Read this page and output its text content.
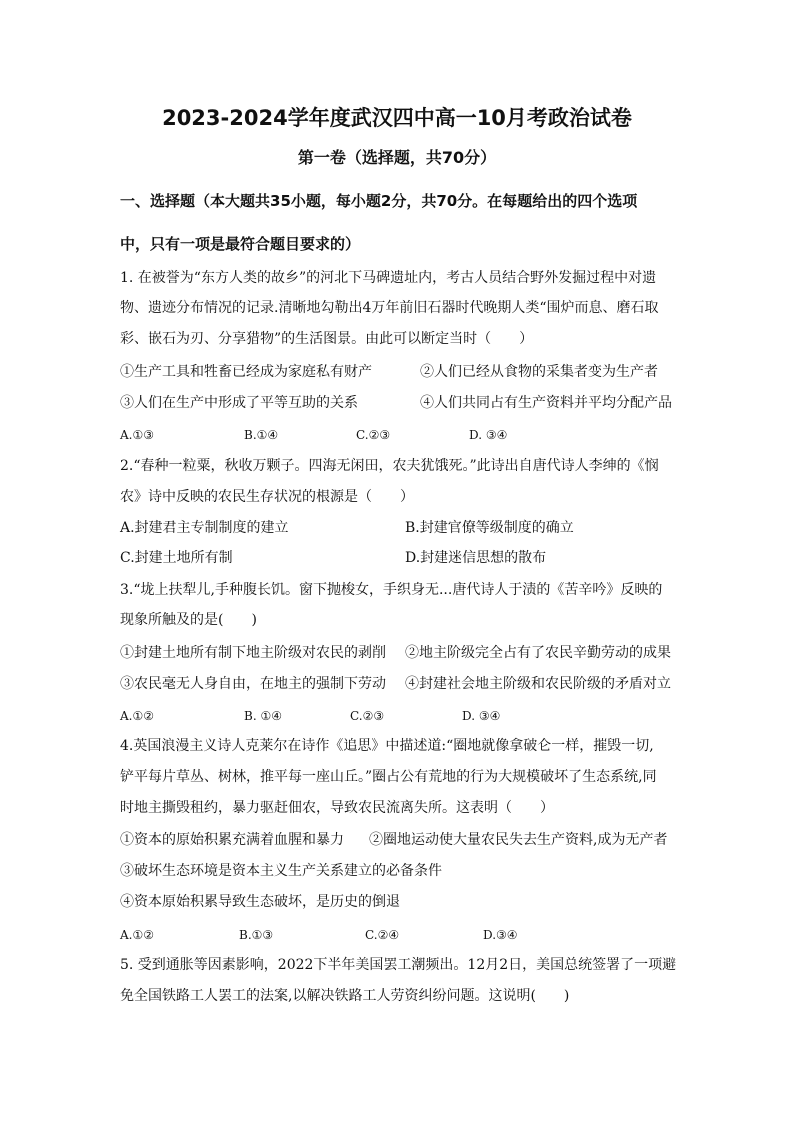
2023-2024学年度武汉四中高一10月考政治试卷
第一卷（选择题，共70分）
一、选择题（本大题共35小题，每小题2分，共70分。在每题给出的四个选项
中，只有一项是最符合题目要求的）
1. 在被誉为“东方人类的故乡”的河北下马碑遗址内，考古人员结合野外发掘过程中对遗
物、遗迹分布情况的记录.清晰地勾勒出4万年前旧石器时代晚期人类“围炉而息、磨石取
彩、嵌石为刃、分享猎物”的生活图景。由此可以断定当时（　　）
①生产工具和牲畜已经成为家庭私有财产	②人们已经从食物的采集者变为生产者
③人们在生产中形成了平等互助的关系	④人们共同占有生产资料并平均分配产品
A.①③	B.①④	C.②③	D. ③④
2.“春种一粒粟，秋收万颗子。四海无闲田，农夫犹饿死。”此诗出自唐代诗人李绅的《悯
农》诗中反映的农民生存状况的根源是（　　）
A.封建君主专制制度的建立	B.封建官僚等级制度的确立
C.封建土地所有制	D.封建迷信思想的散布
3.“垅上扶犁儿,手种腹长饥。窗下抛梭女，手织身无...唐代诗人于渍的《苦辛吟》反映的
现象所触及的是(　　)
①封建土地所有制下地主阶级对农民的剥削 ②地主阶级完全占有了农民辛勤劳动的成果
③农民毫无人身自由，在地主的强制下劳动 ④封建社会地主阶级和农民阶级的矛盾对立
A.①②	B. ①④	C.②③	D. ③④
4.英国浪漫主义诗人克莱尔在诗作《追思》中描述道:“圈地就像拿破仑一样，摧毁一切,
铲平每片草丛、树林，推平每一座山丘。”圈占公有荒地的行为大规模破坏了生态系统,同
时地主撕毁租约，暴力驱赶佃农，导致农民流离失所。这表明（　　）
①资本的原始积累充满着血腥和暴力 ②圈地运动使大量农民失去生产资料,成为无产者
③破坏生态环境是资本主义生产关系建立的必备条件
④资本原始积累导致生态破坏，是历史的倒退
A.①②	B.①③	C.②④	D.③④
5. 受到通胀等因素影响，2022下半年美国罢工潮频出。12月2日，美国总统签署了一项避
免全国铁路工人罢工的法案,以解决铁路工人劳资纠纷问题。这说明(　　)
